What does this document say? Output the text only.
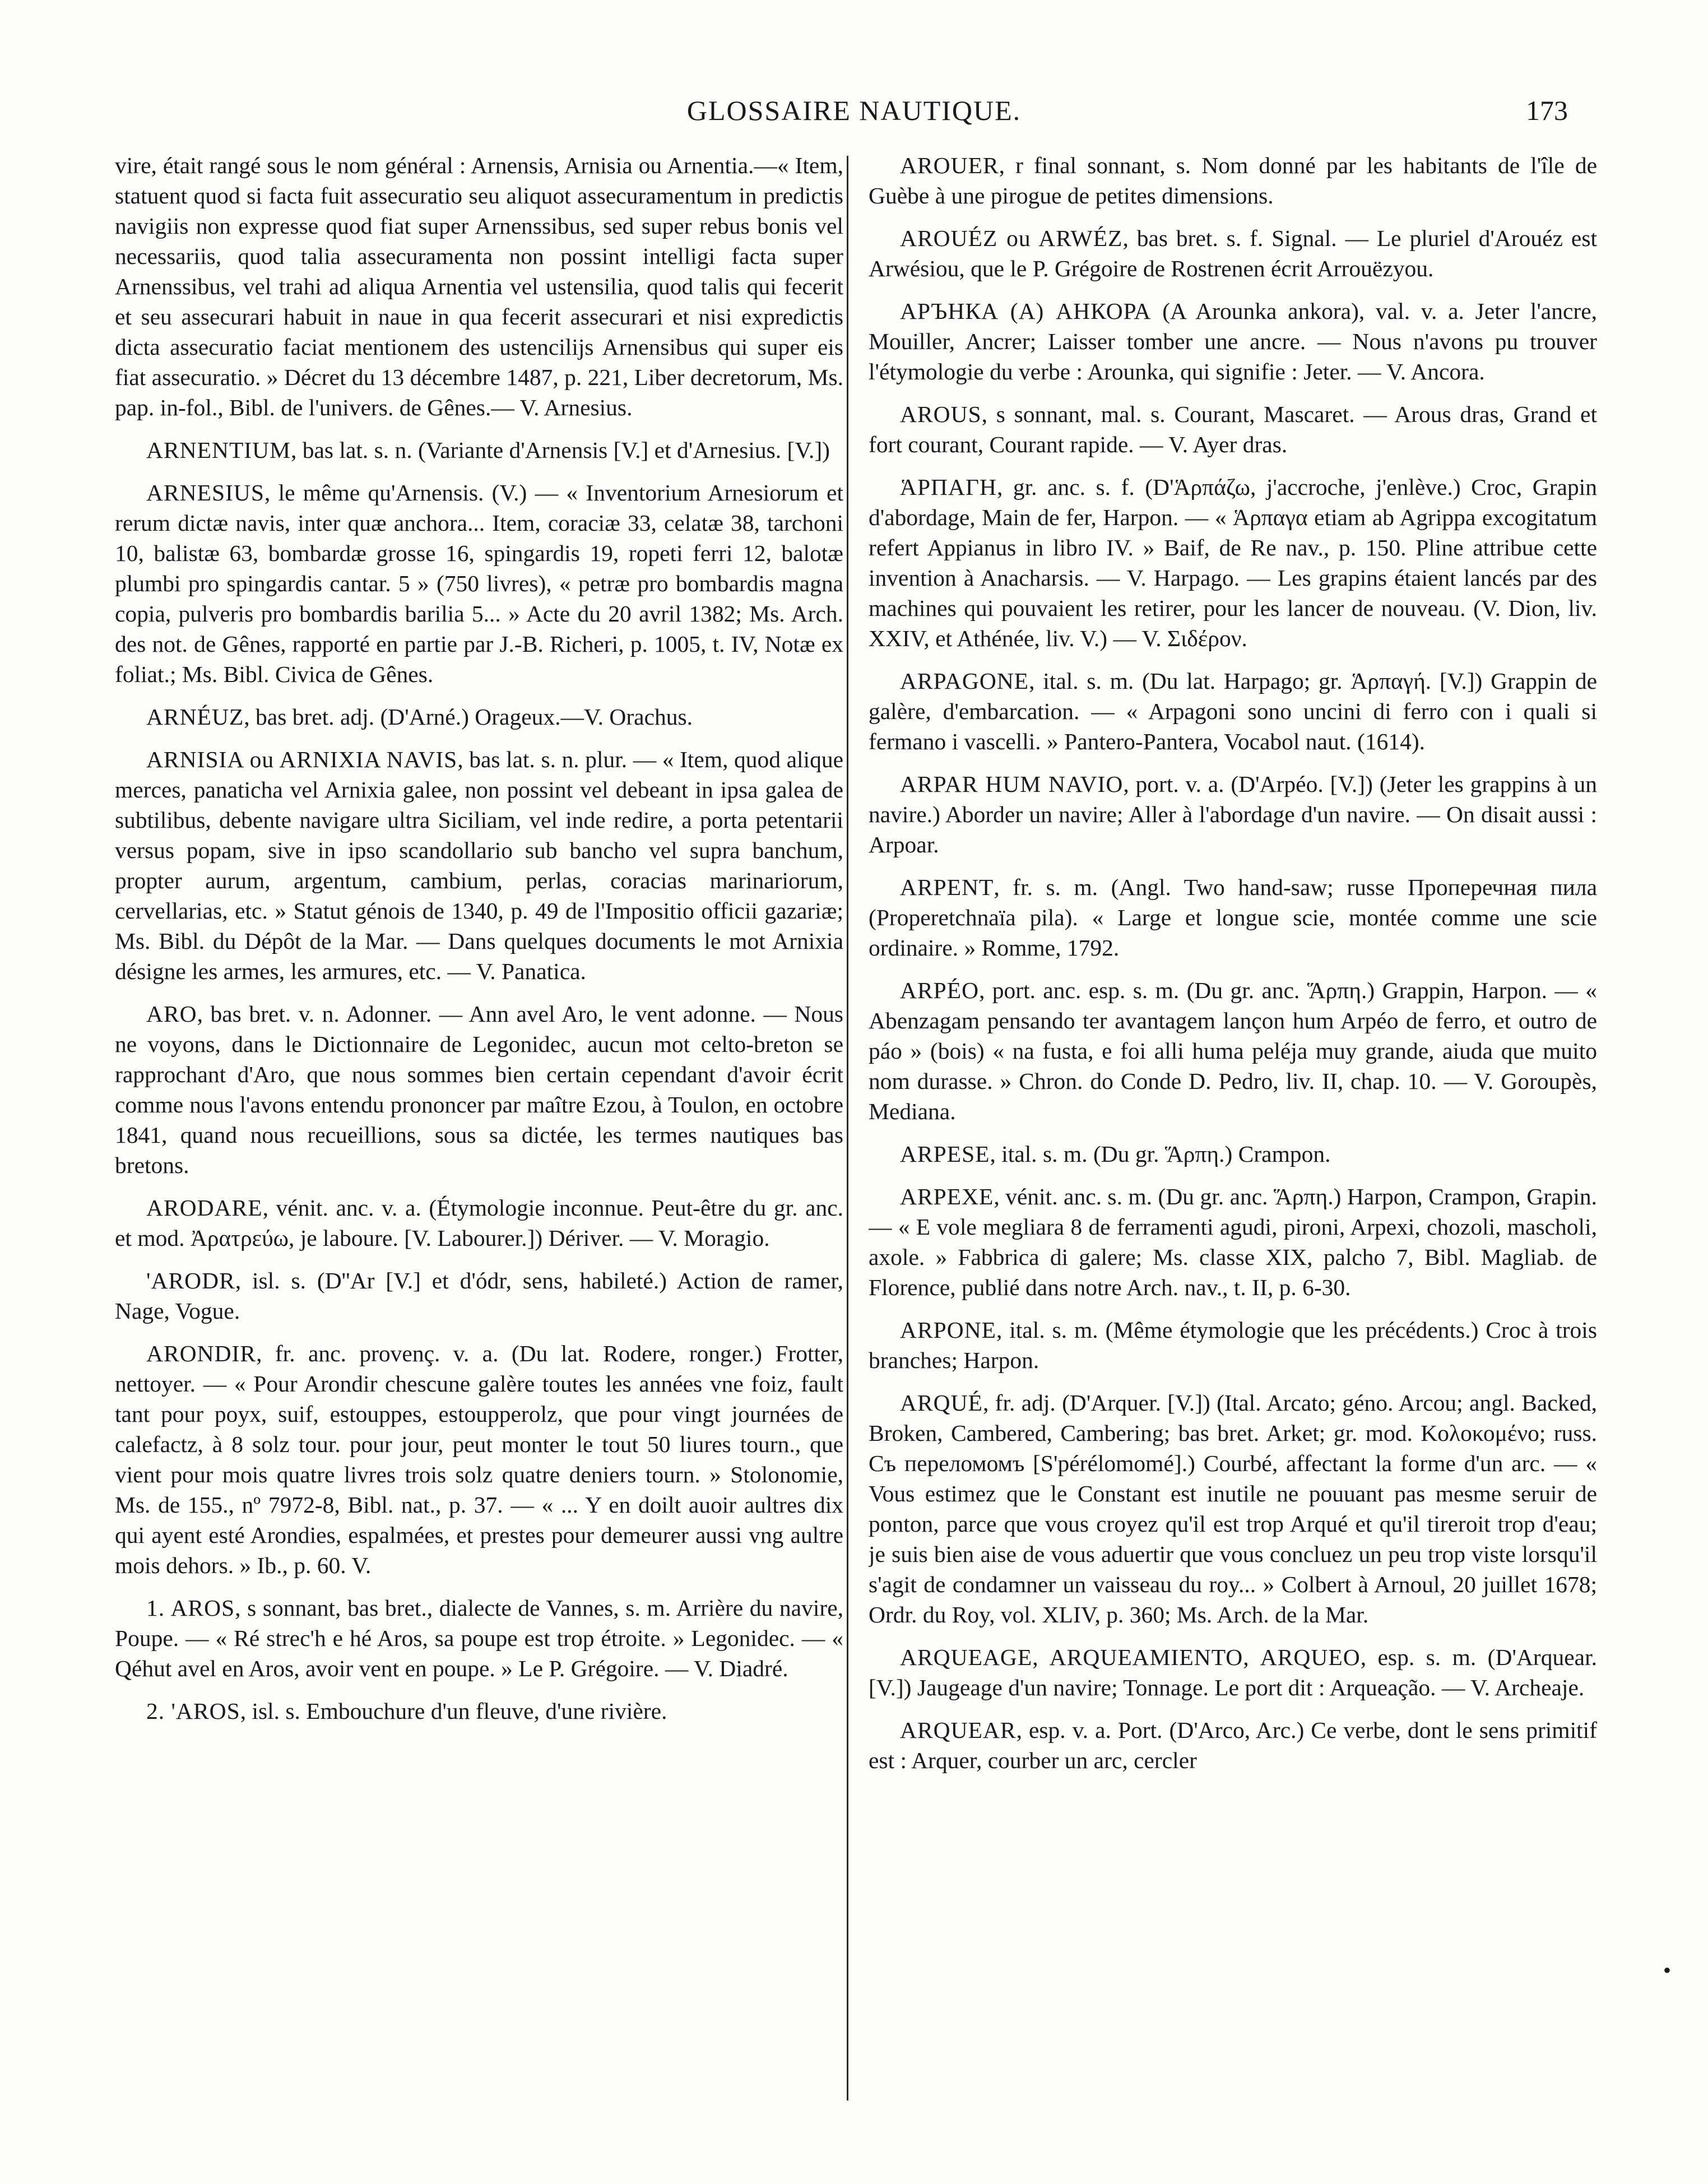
GLOSSAIRE NAUTIQUE.	173

vire, était rangé sous le nom général : Arnensis, Arnisia ou Arnentia.—« Item, statuent quod si facta fuit assecuratio seu aliquot assecuramentum in predictis navigiis non expresse quod fiat super Arnenssibus, sed super rebus bonis vel necessariis, quod talia assecuramenta non possint intelligi facta super Arnenssibus, vel trahi ad aliqua Arnentia vel ustensilia, quod talis qui fecerit et seu assecurari habuit in naue in qua fecerit assecurari et nisi expredictis dicta assecuratio faciat mentionem des ustencilijs Arnensibus qui super eis fiat assecuratio. » Décret du 13 décembre 1487, p. 221, Liber decretorum, Ms. pap. in-fol., Bibl. de l'univers. de Gênes.— V. Arnesius.

ARNENTIUM, bas lat. s. n. (Variante d'Arnensis [V.] et d'Arnesius. [V.])

ARNESIUS, le même qu'Arnensis. (V.) — « Inventorium Arnesiorum et rerum dictæ navis, inter quæ anchora... Item, coraciæ 33, celatæ 38, tarchoni 10, balistæ 63, bombardæ grosse 16, spingardis 19, ropeti ferri 12, balotæ plumbi pro spingardis cantar. 5 » (750 livres), « petræ pro bombardis magna copia, pulveris pro bombardis barilia 5... » Acte du 20 avril 1382; Ms. Arch. des not. de Gênes, rapporté en partie par J.-B. Richeri, p. 1005, t. IV, Notæ ex foliat.; Ms. Bibl. Civica de Gênes.

ARNÉUZ, bas bret. adj. (D'Arné.) Orageux.—V. Orachus.

ARNISIA ou ARNIXIA NAVIS, bas lat. s. n. plur. — « Item, quod alique merces, panaticha vel Arnixia galee, non possint vel debeant in ipsa galea de subtilibus, debente navigare ultra Siciliam, vel inde redire, a porta petentarii versus popam, sive in ipso scandollario sub bancho vel supra banchum, propter aurum, argentum, cambium, perlas, coracias marinariorum, cervellarias, etc. » Statut génois de 1340, p. 49 de l'Impositio officii gazariæ; Ms. Bibl. du Dépôt de la Mar. — Dans quelques documents le mot Arnixia désigne les armes, les armures, etc. — V. Panatica.

ARO, bas bret. v. n. Adonner. — Ann avel Aro, le vent adonne. — Nous ne voyons, dans le Dictionnaire de Legonidec, aucun mot celto-breton se rapprochant d'Aro, que nous sommes bien certain cependant d'avoir écrit comme nous l'avons entendu prononcer par maître Ezou, à Toulon, en octobre 1841, quand nous recueillions, sous sa dictée, les termes nautiques bas bretons.

ARODARE, vénit. anc. v. a. (Étymologie inconnue. Peut-être du gr. anc. et mod. Ἀρατρεύω, je laboure. [V. Labourer.]) Dériver. — V. Moragio.

'ARODR, isl. s. (D''Ar [V.] et d'ódr, sens, habileté.) Action de ramer, Nage, Vogue.

ARONDIR, fr. anc. provenç. v. a. (Du lat. Rodere, ronger.) Frotter, nettoyer. — « Pour Arondir chescune galère toutes les années vne foiz, fault tant pour poyx, suif, estouppes, estoupperolz, que pour vingt journées de calefactz, à 8 solz tour. pour jour, peut monter le tout 50 liures tourn., que vient pour mois quatre livres trois solz quatre deniers tourn. » Stolonomie, Ms. de 155., nº 7972-8, Bibl. nat., p. 37. — « ... Y en doilt auoir aultres dix qui ayent esté Arondies, espalmées, et prestes pour demeurer aussi vng aultre mois dehors. » Ib., p. 60. V.

1. AROS, s sonnant, bas bret., dialecte de Vannes, s. m. Arrière du navire, Poupe. — « Ré strec'h e hé Aros, sa poupe est trop étroite. » Legonidec. — « Qéhut avel en Aros, avoir vent en poupe. » Le P. Grégoire. — V. Diadré.

2. 'AROS, isl. s. Embouchure d'un fleuve, d'une rivière.

AROUER, r final sonnant, s. Nom donné par les habitants de l'île de Guèbe à une pirogue de petites dimensions.

AROUÉZ ou ARWÉZ, bas bret. s. f. Signal. — Le pluriel d'Arouéz est Arwésiou, que le P. Grégoire de Rostrenen écrit Arrouëzyou.

APЪНКА (A) АНКОРА (A Arounka ankora), val. v. a. Jeter l'ancre, Mouiller, Ancrer; Laisser tomber une ancre. — Nous n'avons pu trouver l'étymologie du verbe : Arounka, qui signifie : Jeter. — V. Ancora.

AROUS, s sonnant, mal. s. Courant, Mascaret. — Arous dras, Grand et fort courant, Courant rapide. — V. Ayer dras.

ἉΡΠΑΓΗ, gr. anc. s. f. (D'Ἁρπάζω, j'accroche, j'enlève.) Croc, Grapin d'abordage, Main de fer, Harpon. — « Ἁρπαγα etiam ab Agrippa excogitatum refert Appianus in libro IV. » Baif, de Re nav., p. 150. Pline attribue cette invention à Anacharsis. — V. Harpago. — Les grapins étaient lancés par des machines qui pouvaient les retirer, pour les lancer de nouveau. (V. Dion, liv. XXIV, et Athénée, liv. V.) — V. Σιδέρον.

ARPAGONE, ital. s. m. (Du lat. Harpago; gr. Ἁρπαγή. [V.]) Grappin de galère, d'embarcation. — « Arpagoni sono uncini di ferro con i quali si fermano i vascelli. » Pantero-Pantera, Vocabol naut. (1614).

ARPAR HUM NAVIO, port. v. a. (D'Arpéo. [V.]) (Jeter les grappins à un navire.) Aborder un navire; Aller à l'abordage d'un navire. — On disait aussi : Arpoar.

ARPENT, fr. s. m. (Angl. Two hand-saw; russe Проперечная пила (Properetchnaïa pila). « Large et longue scie, montée comme une scie ordinaire. » Romme, 1792.

ARPÉO, port. anc. esp. s. m. (Du gr. anc. Ἅρπη.) Grappin, Harpon. — « Abenzagam pensando ter avantagem lançon hum Arpéo de ferro, et outro de páo » (bois) « na fusta, e foi alli huma peléja muy grande, aiuda que muito nom durasse. » Chron. do Conde D. Pedro, liv. II, chap. 10. — V. Goroupès, Mediana.

ARPESE, ital. s. m. (Du gr. Ἅρπη.) Crampon.

ARPEXE, vénit. anc. s. m. (Du gr. anc. Ἅρπη.) Harpon, Crampon, Grapin. — « E vole megliara 8 de ferramenti agudi, pironi, Arpexi, chozoli, mascholi, axole. » Fabbrica di galere; Ms. classe XIX, palcho 7, Bibl. Magliab. de Florence, publié dans notre Arch. nav., t. II, p. 6-30.

ARPONE, ital. s. m. (Même étymologie que les précédents.) Croc à trois branches; Harpon.

ARQUÉ, fr. adj. (D'Arquer. [V.]) (Ital. Arcato; géno. Arcou; angl. Backed, Broken, Cambered, Cambering; bas bret. Arket; gr. mod. Κολοκομένο; russ. Съ переломомъ [S'pérélomomé].) Courbé, affectant la forme d'un arc. — « Vous estimez que le Constant est inutile ne pouuant pas mesme seruir de ponton, parce que vous croyez qu'il est trop Arqué et qu'il tireroit trop d'eau; je suis bien aise de vous aduertir que vous concluez un peu trop viste lorsqu'il s'agit de condamner un vaisseau du roy... » Colbert à Arnoul, 20 juillet 1678; Ordr. du Roy, vol. XLIV, p. 360; Ms. Arch. de la Mar.

ARQUEAGE, ARQUEAMIENTO, ARQUEO, esp. s. m. (D'Arquear. [V.]) Jaugeage d'un navire; Tonnage. Le port dit : Arqueação. — V. Archeaje.

ARQUEAR, esp. v. a. Port. (D'Arco, Arc.) Ce verbe, dont le sens primitif est : Arquer, courber un arc, cercler

•
